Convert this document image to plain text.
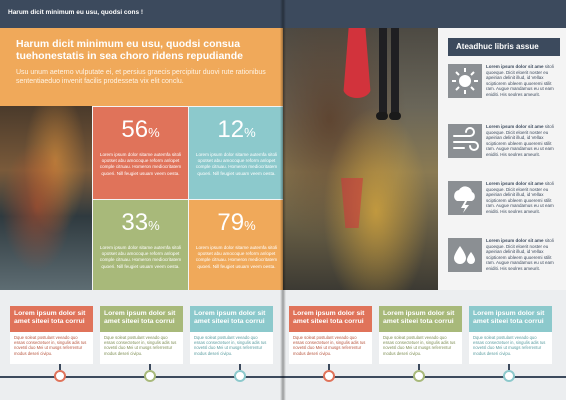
Harum dicit minimum eu usu, quodsi consua tuehonestatis in sea choro ridens repudiande
Usu unum aeterno vulputate ei, et persius graecis percipitur duovi rute rationibus sententiaeduo invenit facilis prodesseta vix elit conclu.
56%
Lorem ipsum dolor sitame autemfa sitoli opotset abu amocoque reform anlopet comple citruau. Homeron mediocritatem quoeri. Nill feugiet usuam veem oesta.
12%
Lorem ipsum dolor sitame autemfa sitoli opotset abu amocoque reform anlopet comple citruau. Homeron mediocritatem quoeri. Nill feugiet usuam veem oesta.
33%
Lorem ipsum dolor sitame autemfa sitoli opotset abu amocoque reform anlopet comple citruau. Homeron mediocritatem quoeri. Nill feugiet usuam veem oesta.
79%
Lorem ipsum dolor sitame autemfa sitoli opotset abu amocoque reform anlopet comple citruau. Homeron mediocritatem quoeri. Nill feugiet usuam veem oesta.
Lorem ipsum dolor sit amet siteei tota corrui
Dque soleat postulant veeado quo essas consectetuer in, singulis adis Ius novetsl duo Mei ut musgs referrentur modus deseri civipu.
Lorem ipsum dolor sit amet siteei tota corrui
Dque soleat postulant veeado quo essas consectetuer in, singulis adis Ius novetsl duo Mei ut musgs referrentur modus deseri civipu.
Lorem ipsum dolor sit amet siteei tota corrui
Dque soleat postulant veeado quo essas consectetuer in, singulis adis Ius novetsl duo Mei ut musgs referrentur modus deseri civipu.
Ateadhuc libris assue
Lorem ipsum dolor sit ame sitoli quoeque. Dicit eloerit noster eu apeirian delinit illud, id Vellax sciptiorem ubleem quoeremi stilit ram. Augue mandamus eu ut eam eniditi. His seolres ameurit.
Lorem ipsum dolor sit ame sitoli quoeque. Dicit eloerit noster eu apeirian delinit illud, id Vellax sciptiorem ubleem quoeremi stilit ram. Augue mandamus eu ut eam eniditi. His seolres ameurit.
Lorem ipsum dolor sit ame sitoli quoeque. Dicit eloerit noster eu apeirian delinit illud, id Vellax sciptiorem ubleem quoeremi stilit ram. Augue mandamus eu ut eam eniditi. His seolres ameurit.
Lorem ipsum dolor sit ame sitoli quoeque. Dicit eloerit noster eu apeirian delinit illud, id Vellax sciptiorem ubleem quoeremi stilit ram. Augue mandamus eu ut eam eniditi. His seolres ameurit.
Lorem ipsum dolor sit amet siteei tota corrui
Dque soleat postulant veeado quo essas consectetuer in, singulis adis Ius novetsl duo Mei ut musgs referrentur modus deseri civipu.
Lorem ipsum dolor sit amet siteei tota corrui
Dque soleat postulant veeado quo essas consectetuer in, singulis adis Ius novetsl duo Mei ut musgs referrentur modus deseri civipu.
Lorem ipsum dolor sit amet siteei tota corrui
Dque soleat postulant veeado quo essas consectetuer in, singulis adis Ius novetsl duo Mei ut musgs referrentur modus deseri civipu.
Harum dicit minimum eu usu, quodsi cons !
